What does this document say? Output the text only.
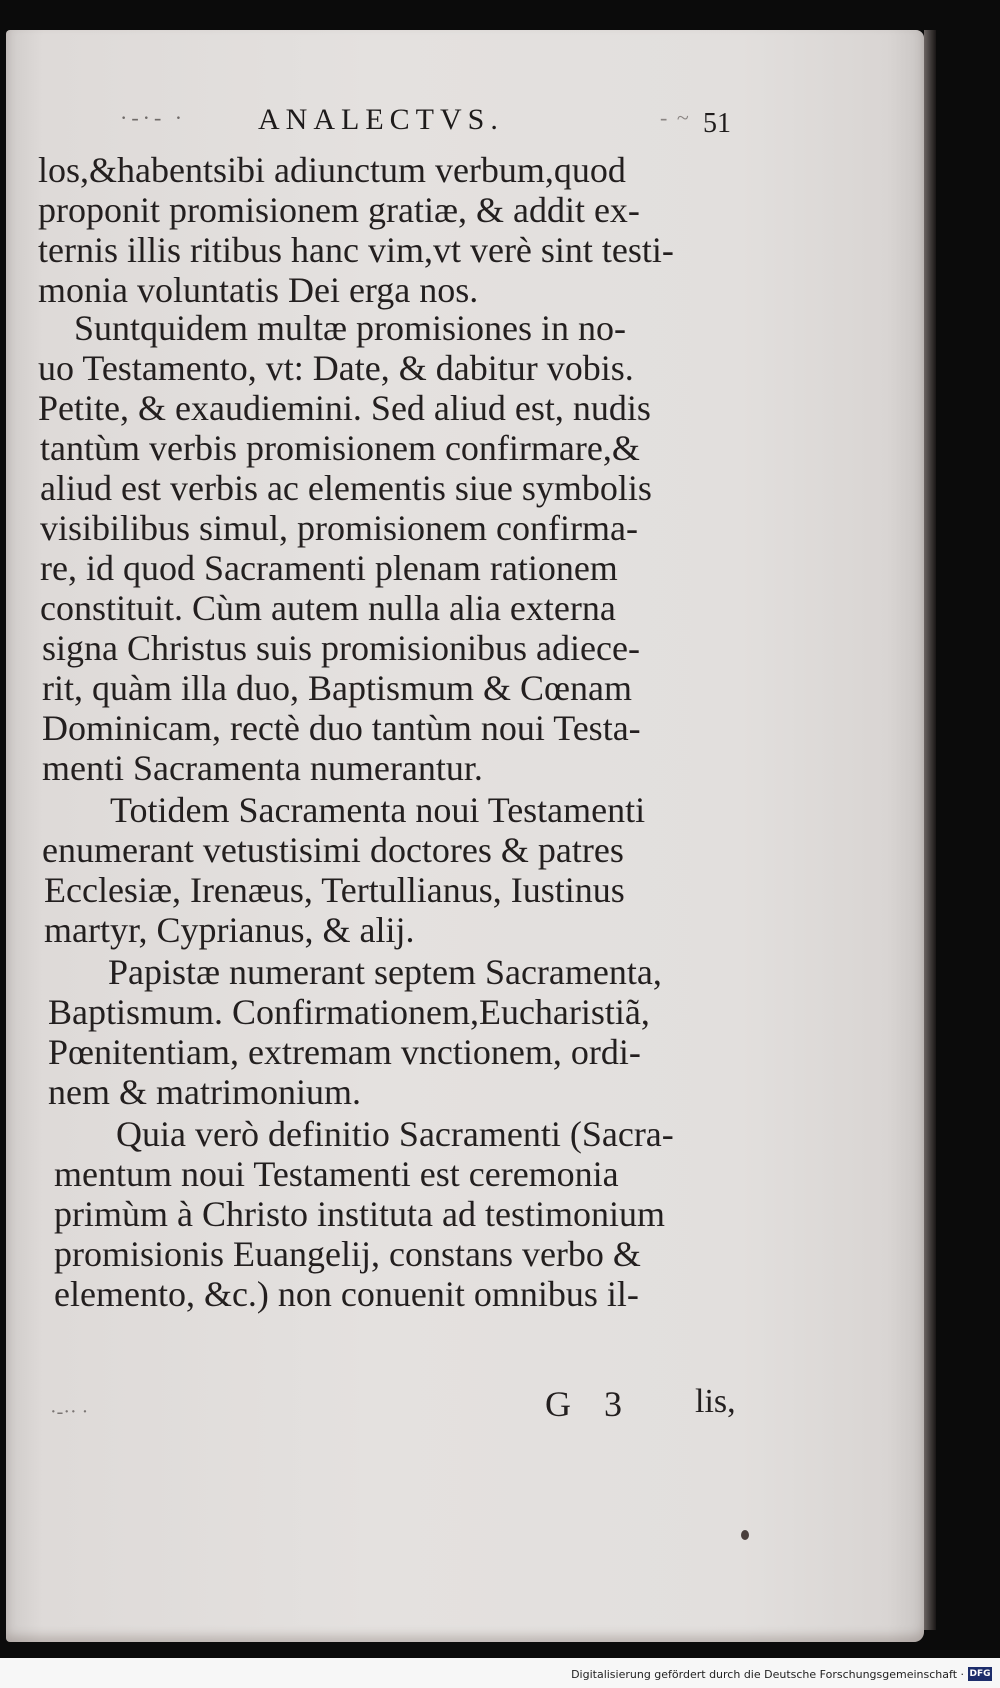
·-·- · ANALECTVS.	- ~ 51
los,&habentsibi adiunctum verbum,quod
proponit promisionem gratiæ, & addit ex-
ternis illis ritibus hanc vim,vt verè sint testi-
monia voluntatis Dei erga nos.
Suntquidem multæ promisiones in no-
uo Testamento, vt: Date, & dabitur vobis.
Petite, & exaudiemini. Sed aliud est, nudis
tantùm verbis promisionem confirmare,&
aliud est verbis ac elementis siue symbolis
visibilibus simul, promisionem confirma-
re, id quod Sacramenti plenam rationem
constituit. Cùm autem nulla alia externa
signa Christus suis promisionibus adiece-
rit, quàm illa duo, Baptismum & Cœnam
Dominicam, rectè duo tantùm noui Testa-
menti Sacramenta numerantur.
Totidem Sacramenta noui Testamenti
enumerant vetustisimi doctores & patres
Ecclesiæ, Irenæus, Tertullianus, Iustinus
martyr, Cyprianus, & alij.
Papistæ numerant septem Sacramenta,
Baptismum. Confirmationem,Eucharistiã,
Pœnitentiam, extremam vnctionem, ordi-
nem & matrimonium.
Quia verò definitio Sacramenti (Sacra-
mentum noui Testamenti est ceremonia
primùm à Christo instituta ad testimonium
promisionis Euangelij, constans verbo &
elemento, &c.) non conuenit omnibus il-
·-·· ·	G 3 lis,
Digitalisierung gefördert durch die Deutsche Forschungsgemeinschaft · DFG
